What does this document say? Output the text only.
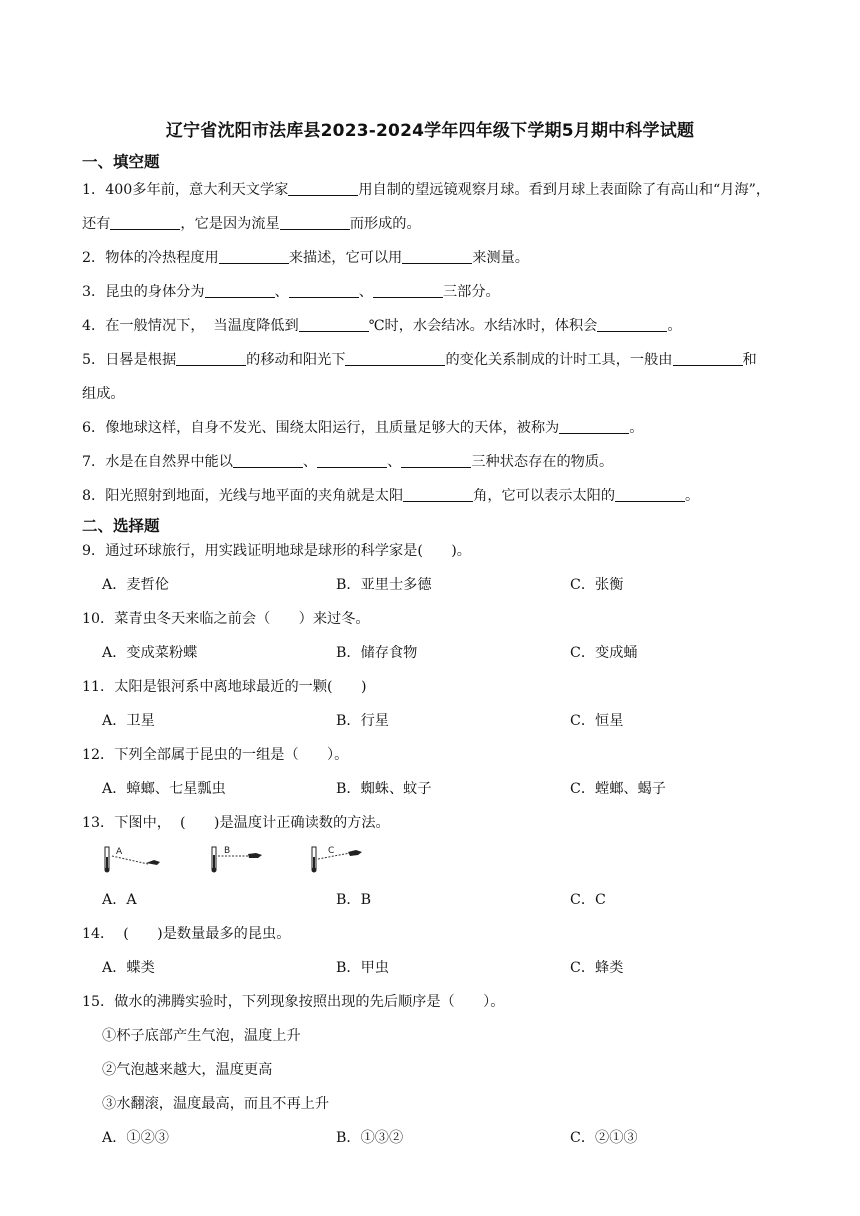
辽宁省沈阳市法库县2023-2024学年四年级下学期5月期中科学试题
一、填空题
1．400多年前，意大利天文学家	用自制的望远镜观察月球。看到月球上表面除了有高山和“月海”，
还有	，它是因为流星	而形成的。
2．物体的冷热程度用	来描述，它可以用	来测量。
3．昆虫的身体分为	、	、	三部分。
4．在一般情况下，  当温度降低到	℃时，水会结冰。水结冰时，体积会	。
5．日晷是根据	的移动和阳光下	的变化关系制成的计时工具，一般由	和
组成。
6．像地球这样，自身不发光、围绕太阳运行，且质量足够大的天体，被称为	。
7．水是在自然界中能以	、	、	三种状态存在的物质。
8．阳光照射到地面，光线与地平面的夹角就是太阳	角，它可以表示太阳的	。
二、选择题
9．通过环球旅行，用实践证明地球是球形的科学家是(　　)。
A．麦哲伦	B．亚里士多德	C．张衡
10．菜青虫冬天来临之前会（　　）来过冬。
A．变成菜粉蝶	B．储存食物	C．变成蛹
11．太阳是银河系中离地球最近的一颗(　　)
A．卫星	B．行星	C．恒星
12．下列全部属于昆虫的一组是（　　）。
A．蟑螂、七星瓢虫	B．蜘蛛、蚊子	C．螳螂、蝎子
13．下图中，  (　　)是温度计正确读数的方法。
A	B	C
A．A	B．B	C．C
14．  (　　)是数量最多的昆虫。
A．蝶类	B．甲虫	C．蜂类
15．做水的沸腾实验时，下列现象按照出现的先后顺序是（　　）。
①杯子底部产生气泡，温度上升
②气泡越来越大，温度更高
③水翻滚，温度最高，而且不再上升
A．①②③	B．①③②	C．②①③
